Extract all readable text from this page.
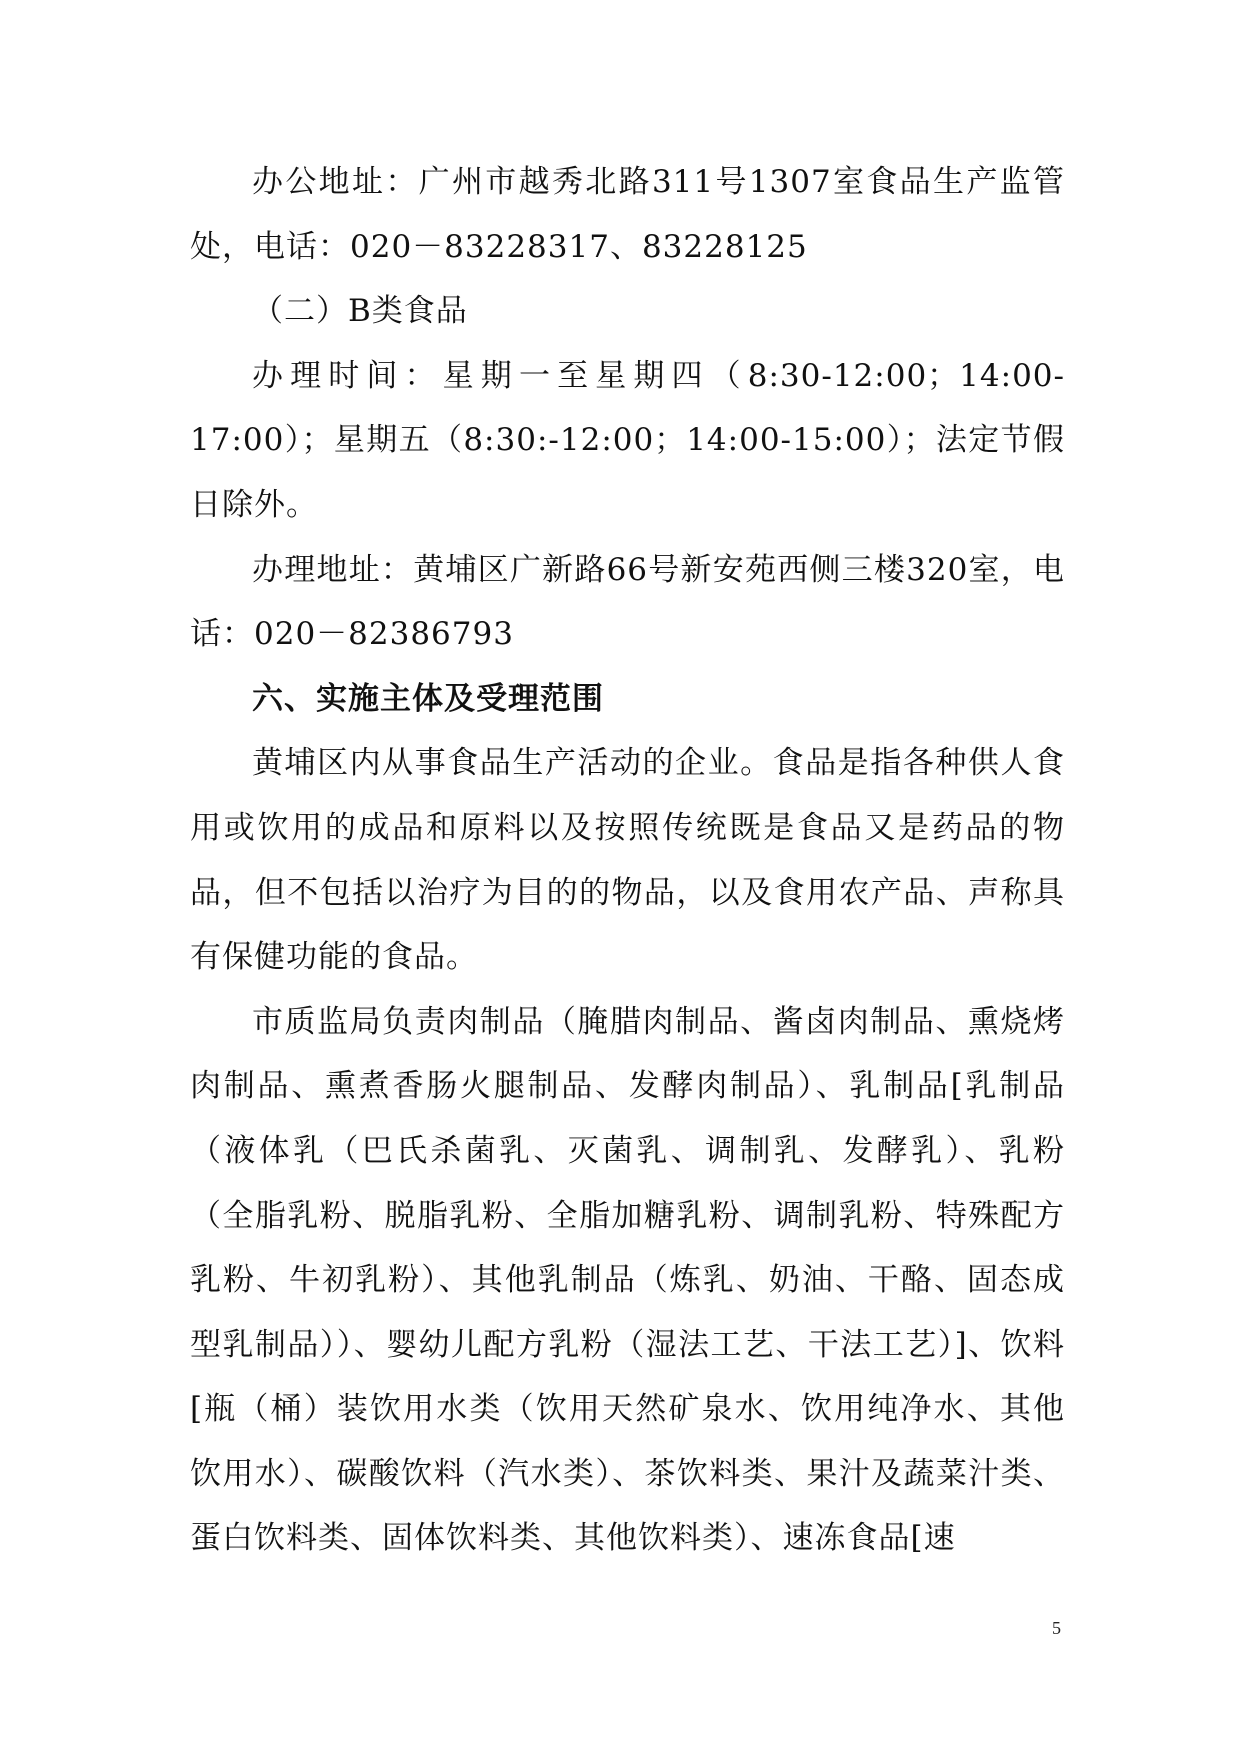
办公地址：广州市越秀北路311号1307室食品生产监管处，电话：020－83228317、83228125

（二）B类食品

办理时间：星期一至星期四（8:30-12:00；14:00-17:00）；星期五（8:30:-12:00；14:00-15:00）；法定节假日除外。

办理地址：黄埔区广新路66号新安苑西侧三楼320室，电话：020－82386793

六、实施主体及受理范围

黄埔区内从事食品生产活动的企业。食品是指各种供人食用或饮用的成品和原料以及按照传统既是食品又是药品的物品，但不包括以治疗为目的的物品，以及食用农产品、声称具有保健功能的食品。

市质监局负责肉制品（腌腊肉制品、酱卤肉制品、熏烧烤肉制品、熏煮香肠火腿制品、发酵肉制品）、乳制品[乳制品（液体乳（巴氏杀菌乳、灭菌乳、调制乳、发酵乳）、乳粉（全脂乳粉、脱脂乳粉、全脂加糖乳粉、调制乳粉、特殊配方乳粉、牛初乳粉）、其他乳制品（炼乳、奶油、干酪、固态成型乳制品））、婴幼儿配方乳粉（湿法工艺、干法工艺）]、饮料[瓶（桶）装饮用水类（饮用天然矿泉水、饮用纯净水、其他饮用水）、碳酸饮料（汽水类）、茶饮料类、果汁及蔬菜汁类、蛋白饮料类、固体饮料类、其他饮料类）、速冻食品[速

5
